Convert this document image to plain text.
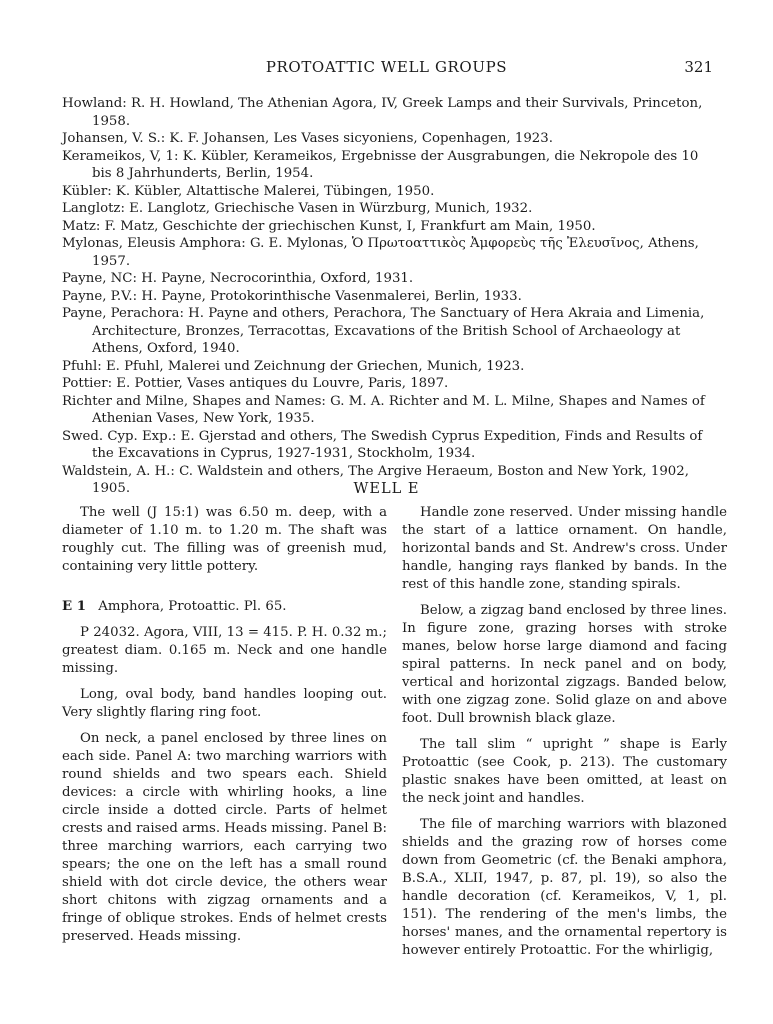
PROTOATTIC WELL GROUPS	321

Howland: R. H. Howland, The Athenian Agora, IV, Greek Lamps and their Survivals, Princeton, 1958.

Johansen, V. S.: K. F. Johansen, Les Vases sicyoniens, Copenhagen, 1923.

Kerameikos, V, 1: K. Kübler, Kerameikos, Ergebnisse der Ausgrabungen, die Nekropole des 10 bis 8 Jahrhunderts, Berlin, 1954.

Kübler: K. Kübler, Altattische Malerei, Tübingen, 1950.

Langlotz: E. Langlotz, Griechische Vasen in Würzburg, Munich, 1932.

Matz: F. Matz, Geschichte der griechischen Kunst, I, Frankfurt am Main, 1950.

Mylonas, Eleusis Amphora: G. E. Mylonas, Ὁ Πρωτοαττικὸς Ἀμφορεὺς τῆς Ἐλευσῖνος, Athens, 1957.

Payne, NC: H. Payne, Necrocorinthia, Oxford, 1931.

Payne, P.V.: H. Payne, Protokorinthische Vasenmalerei, Berlin, 1933.

Payne, Perachora: H. Payne and others, Perachora, The Sanctuary of Hera Akraia and Limenia, Architecture, Bronzes, Terracottas, Excavations of the British School of Archaeology at Athens, Oxford, 1940.

Pfuhl: E. Pfuhl, Malerei und Zeichnung der Griechen, Munich, 1923.

Pottier: E. Pottier, Vases antiques du Louvre, Paris, 1897.

Richter and Milne, Shapes and Names: G. M. A. Richter and M. L. Milne, Shapes and Names of Athenian Vases, New York, 1935.

Swed. Cyp. Exp.: E. Gjerstad and others, The Swedish Cyprus Expedition, Finds and Results of the Excavations in Cyprus, 1927-1931, Stockholm, 1934.

Waldstein, A. H.: C. Waldstein and others, The Argive Heraeum, Boston and New York, 1902, 1905.	WELL E

The well (J 15:1) was 6.50 m. deep, with a diameter of 1.10 m. to 1.20 m. The shaft was roughly cut. The filling was of greenish mud, containing very little pottery.

E 1 Amphora, Protoattic. Pl. 65.

P 24032. Agora, VIII, 13 = 415. P. H. 0.32 m.; greatest diam. 0.165 m. Neck and one handle missing.

Long, oval body, band handles looping out. Very slightly flaring ring foot.

On neck, a panel enclosed by three lines on each side. Panel A: two marching warriors with round shields and two spears each. Shield devices: a circle with whirling hooks, a line circle inside a dotted circle. Parts of helmet crests and raised arms. Heads missing. Panel B: three marching warriors, each carrying two spears; the one on the left has a small round shield with dot circle device, the others wear short chitons with zigzag ornaments and a fringe of oblique strokes. Ends of helmet crests preserved. Heads missing.

Handle zone reserved. Under missing handle the start of a lattice ornament. On handle, horizontal bands and St. Andrew's cross. Under handle, hanging rays flanked by bands. In the rest of this handle zone, standing spirals.

Below, a zigzag band enclosed by three lines. In figure zone, grazing horses with stroke manes, below horse large diamond and facing spiral patterns. In neck panel and on body, vertical and horizontal zigzags. Banded below, with one zigzag zone. Solid glaze on and above foot. Dull brownish black glaze.

The tall slim “ upright ” shape is Early Protoattic (see Cook, p. 213). The customary plastic snakes have been omitted, at least on the neck joint and handles.

The file of marching warriors with blazoned shields and the grazing row of horses come down from Geometric (cf. the Benaki amphora, B.S.A., XLII, 1947, p. 87, pl. 19), so also the handle decoration (cf. Kerameikos, V, 1, pl. 151). The rendering of the men's limbs, the horses' manes, and the ornamental repertory is however entirely Protoattic. For the whirligig,
